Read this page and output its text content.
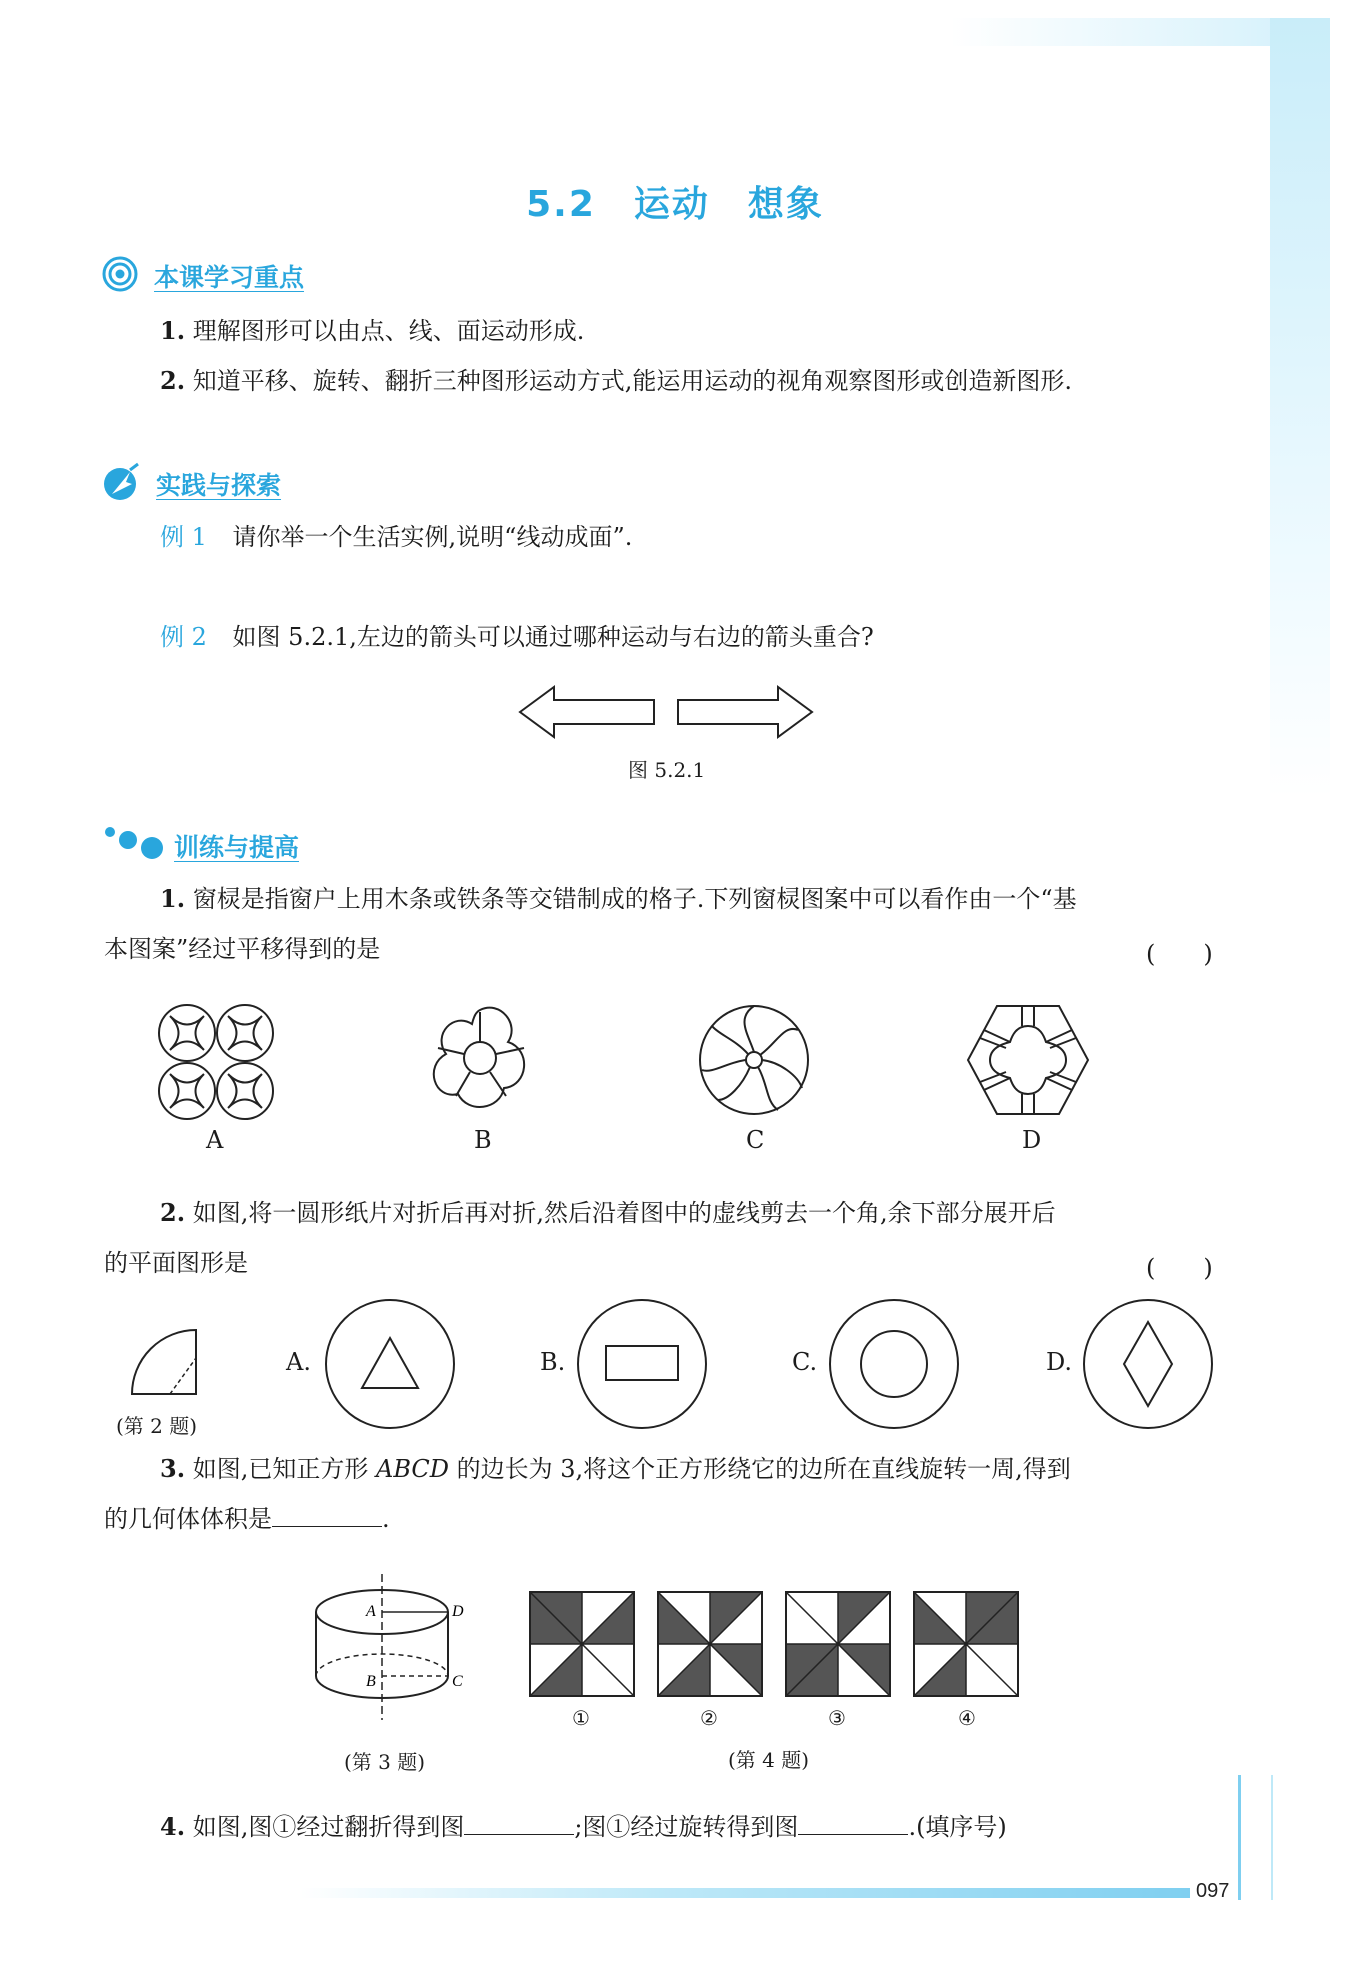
097
5.2　运动　想象
本课学习重点
1. 理解图形可以由点、线、面运动形成.
2. 知道平移、旋转、翻折三种图形运动方式,能运用运动的视角观察图形或创造新图形.
实践与探索
例 1 请你举一个生活实例,说明“线动成面”.
例 2 如图 5.2.1,左边的箭头可以通过哪种运动与右边的箭头重合?
图 5.2.1
训练与提高
1. 窗棂是指窗户上用木条或铁条等交错制成的格子.下列窗棂图案中可以看作由一个“基
本图案”经过平移得到的是	(　　)
A	B	C	D
2. 如图,将一圆形纸片对折后再对折,然后沿着图中的虚线剪去一个角,余下部分展开后
的平面图形是	(　　)
(第 2 题)
A.	B.	C.	D.
3. 如图,已知正方形 ABCD 的边长为 3,将这个正方形绕它的边所在直线旋转一周,得到
的几何体体积是	.
A	D
B	C
(第 3 题)
①	②	③	④
(第 4 题)
4. 如图,图①经过翻折得到图	;图①经过旋转得到图	.(填序号)
